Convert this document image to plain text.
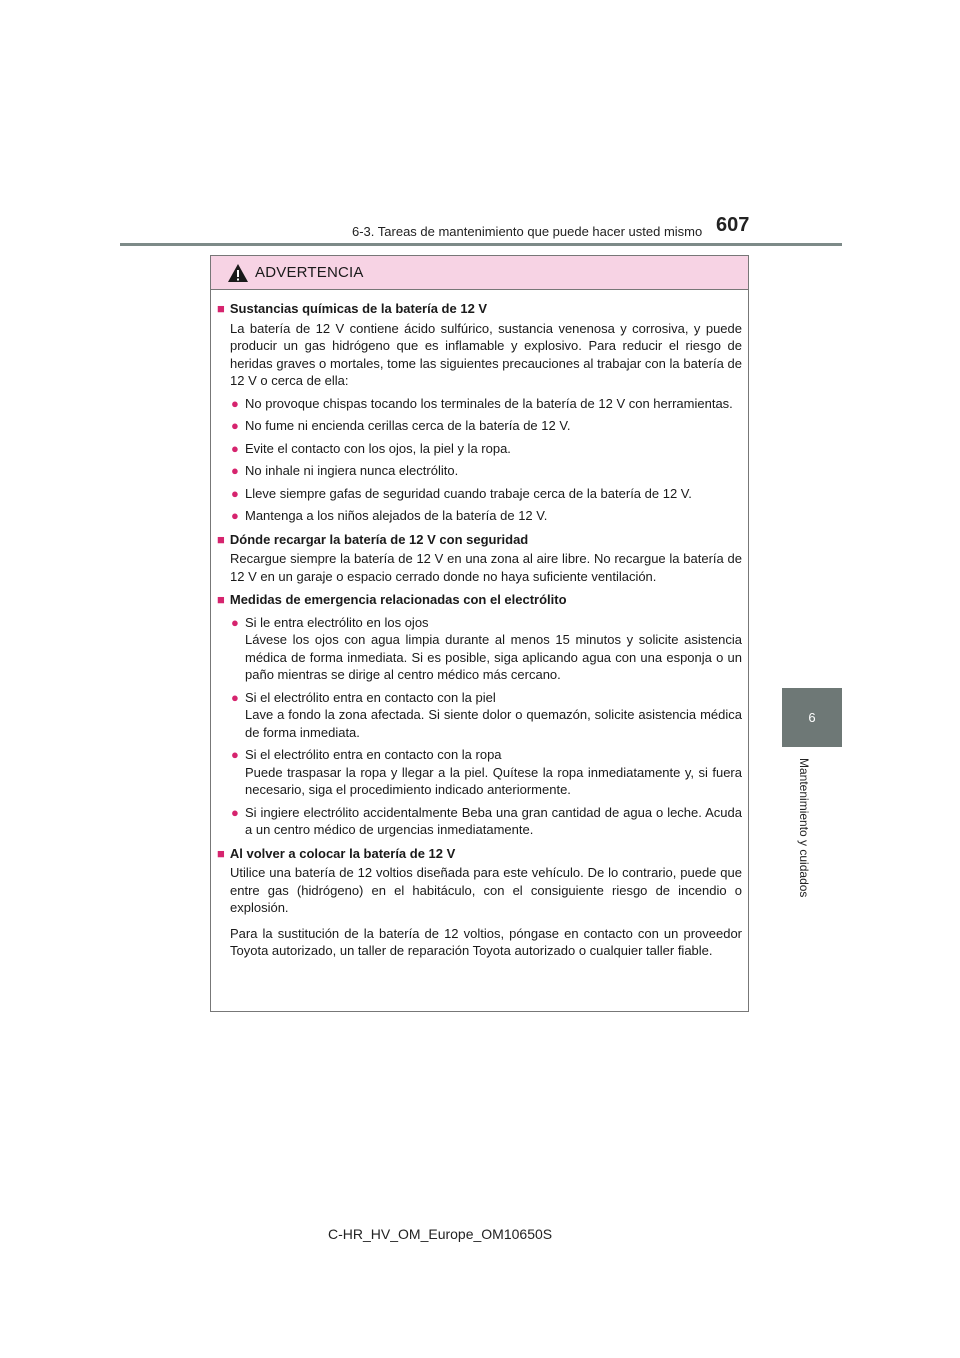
6-3. Tareas de mantenimiento que puede hacer usted mismo 607
6
Mantenimiento y cuidados
ADVERTENCIA
■ Sustancias químicas de la batería de 12 V
La batería de 12 V contiene ácido sulfúrico, sustancia venenosa y corrosiva, y puede producir un gas hidrógeno que es inflamable y explosivo. Para reducir el riesgo de heridas graves o mortales, tome las siguientes precauciones al trabajar con la batería de 12 V o cerca de ella:
● No provoque chispas tocando los terminales de la batería de 12 V con herramientas.
● No fume ni encienda cerillas cerca de la batería de 12 V.
● Evite el contacto con los ojos, la piel y la ropa.
● No inhale ni ingiera nunca electrólito.
● Lleve siempre gafas de seguridad cuando trabaje cerca de la batería de 12 V.
● Mantenga a los niños alejados de la batería de 12 V.
■ Dónde recargar la batería de 12 V con seguridad
Recargue siempre la batería de 12 V en una zona al aire libre. No recargue la batería de 12 V en un garaje o espacio cerrado donde no haya suficiente ventilación.
■ Medidas de emergencia relacionadas con el electrólito
● Si le entra electrólito en los ojos
Lávese los ojos con agua limpia durante al menos 15 minutos y solicite asistencia médica de forma inmediata. Si es posible, siga aplicando agua con una esponja o un paño mientras se dirige al centro médico más cercano.
● Si el electrólito entra en contacto con la piel
Lave a fondo la zona afectada. Si siente dolor o quemazón, solicite asistencia médica de forma inmediata.
● Si el electrólito entra en contacto con la ropa
Puede traspasar la ropa y llegar a la piel. Quítese la ropa inmediatamente y, si fuera necesario, siga el procedimiento indicado anteriormente.
● Si ingiere electrólito accidentalmente Beba una gran cantidad de agua o leche. Acuda a un centro médico de urgencias inmediatamente.
■ Al volver a colocar la batería de 12 V
Utilice una batería de 12 voltios diseñada para este vehículo. De lo contrario, puede que entre gas (hidrógeno) en el habitáculo, con el consiguiente riesgo de incendio o explosión.
Para la sustitución de la batería de 12 voltios, póngase en contacto con un proveedor Toyota autorizado, un taller de reparación Toyota autorizado o cualquier taller fiable.
C-HR_HV_OM_Europe_OM10650S
